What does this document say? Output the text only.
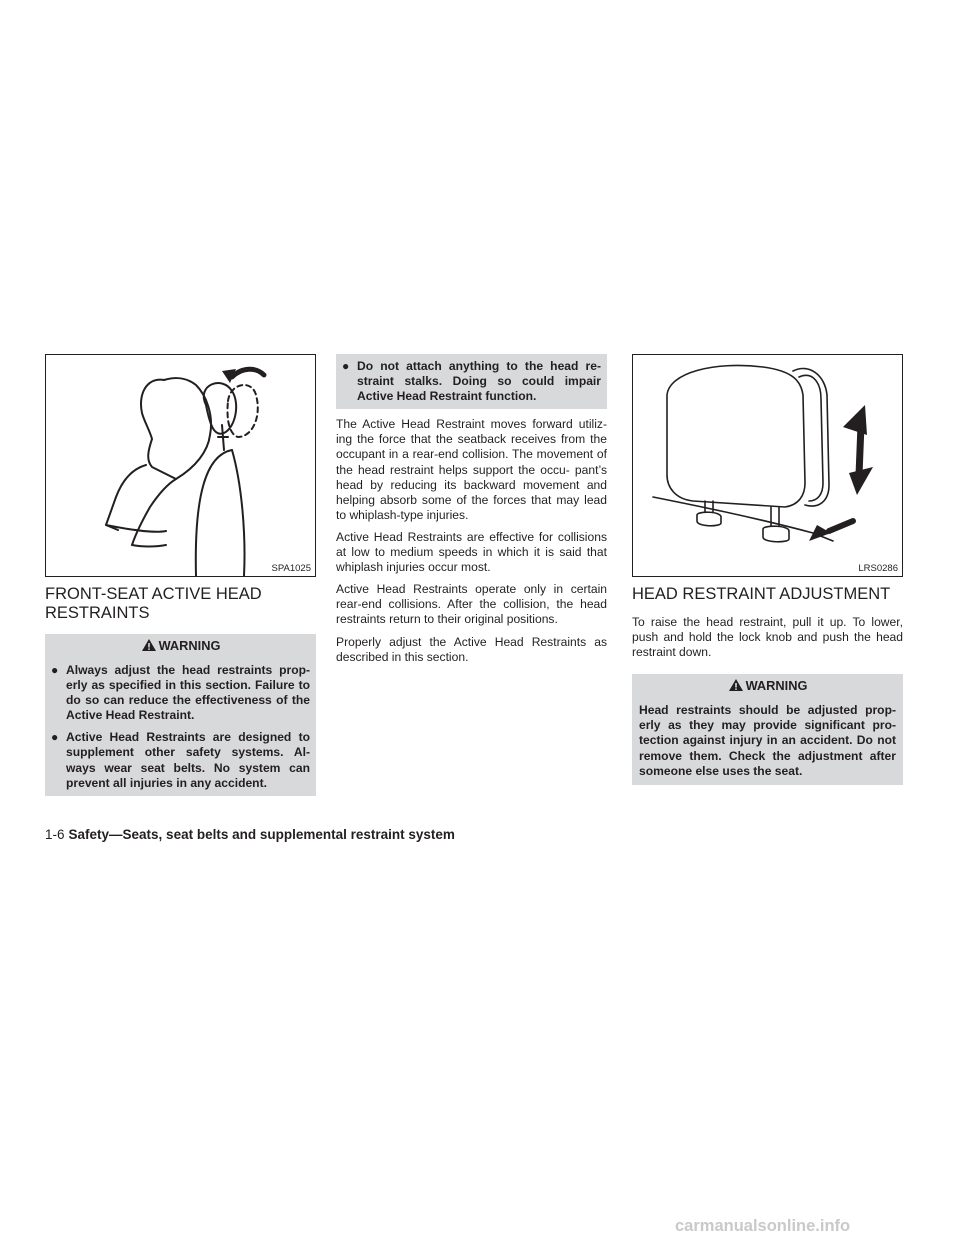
SPA1025
FRONT-SEAT ACTIVE HEAD RESTRAINTS
WARNING
● Always adjust the head restraints prop- erly as specified in this section. Failure to do so can reduce the effectiveness of the Active Head Restraint.
● Active Head Restraints are designed to supplement other safety systems. Al- ways wear seat belts. No system can prevent all injuries in any accident.
● Do not attach anything to the head re- straint stalks. Doing so could impair Active Head Restraint function.

The Active Head Restraint moves forward utiliz- ing the force that the seatback receives from the occupant in a rear-end collision. The movement of the head restraint helps support the occu- pant’s head by reducing its backward movement and helping absorb some of the forces that may lead to whiplash-type injuries.

Active Head Restraints are effective for collisions at low to medium speeds in which it is said that whiplash injuries occur most.

Active Head Restraints operate only in certain rear-end collisions. After the collision, the head restraints return to their original positions.

Properly adjust the Active Head Restraints as described in this section.

LRS0286
HEAD RESTRAINT ADJUSTMENT

To raise the head restraint, pull it up. To lower, push and hold the lock knob and push the head restraint down.

WARNING
Head restraints should be adjusted prop- erly as they may provide significant pro- tection against injury in an accident. Do not remove them. Check the adjustment after someone else uses the seat.
1-6 Safety—Seats, seat belts and supplemental restraint system
carmanualsonline.info
